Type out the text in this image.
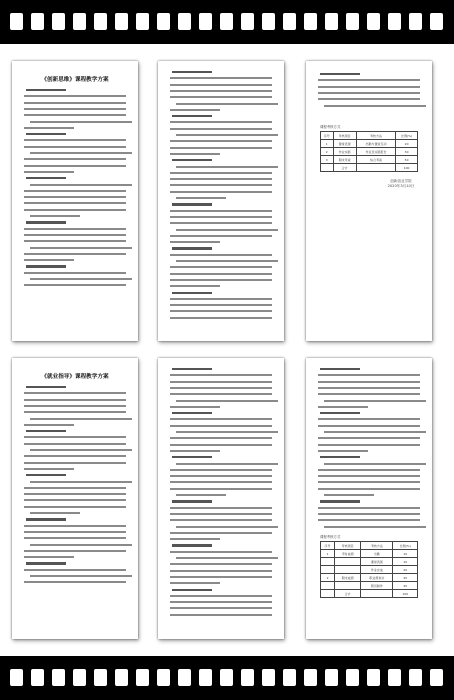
《创新思维》课程教学方案
课程考核方式
序号	考核项目	考核方法	比例(%)
1	课堂表现	出勤与课堂互动	20
2	作业实践	作业及实践报告	30
3	期末考查	综合考查	50
	合计		100
创新创业学院
2020年3月10日
《就业指导》课程教学方案
课程考核方式
序号	考核项目	考核方法	比例(%)
1	平时成绩	出勤	10
		课堂表现	10
		作业完成	20
2	期末成绩	职业规划书	30
		简历制作	30
	合计		100
